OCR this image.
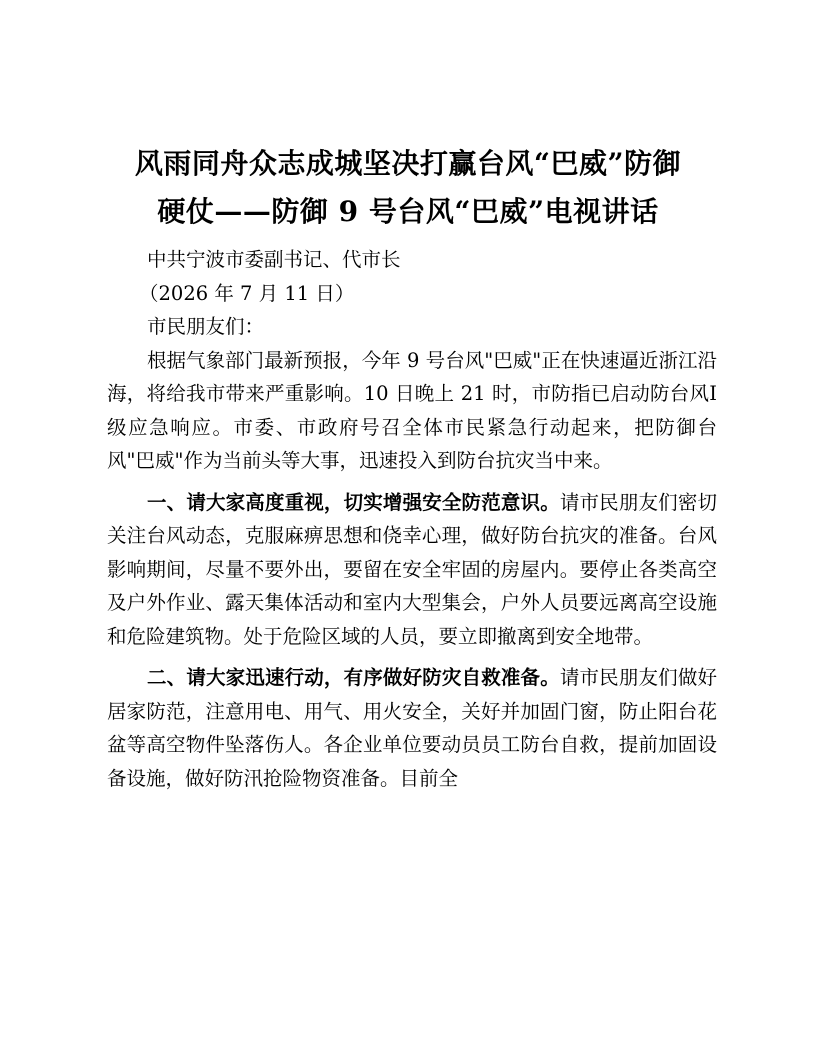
风雨同舟众志成城坚决打赢台风“巴威”防御
硬仗——防御 9 号台风“巴威”电视讲话

中共宁波市委副书记、代市长

（2026 年 7 月 11 日）

市民朋友们：

根据气象部门最新预报，今年 9 号台风"巴威"正在快速逼近浙江沿海，将给我市带来严重影响。10 日晚上 21 时，市防指已启动防台风Ⅰ级应急响应。市委、市政府号召全体市民紧急行动起来，把防御台风"巴威"作为当前头等大事，迅速投入到防台抗灾当中来。

一、请大家高度重视，切实增强安全防范意识。请市民朋友们密切关注台风动态，克服麻痹思想和侥幸心理，做好防台抗灾的准备。台风影响期间，尽量不要外出，要留在安全牢固的房屋内。要停止各类高空及户外作业、露天集体活动和室内大型集会，户外人员要远离高空设施和危险建筑物。处于危险区域的人员，要立即撤离到安全地带。

二、请大家迅速行动，有序做好防灾自救准备。请市民朋友们做好居家防范，注意用电、用气、用火安全，关好并加固门窗，防止阳台花盆等高空物件坠落伤人。各企业单位要动员员工防台自救，提前加固设备设施，做好防汛抢险物资准备。目前全
